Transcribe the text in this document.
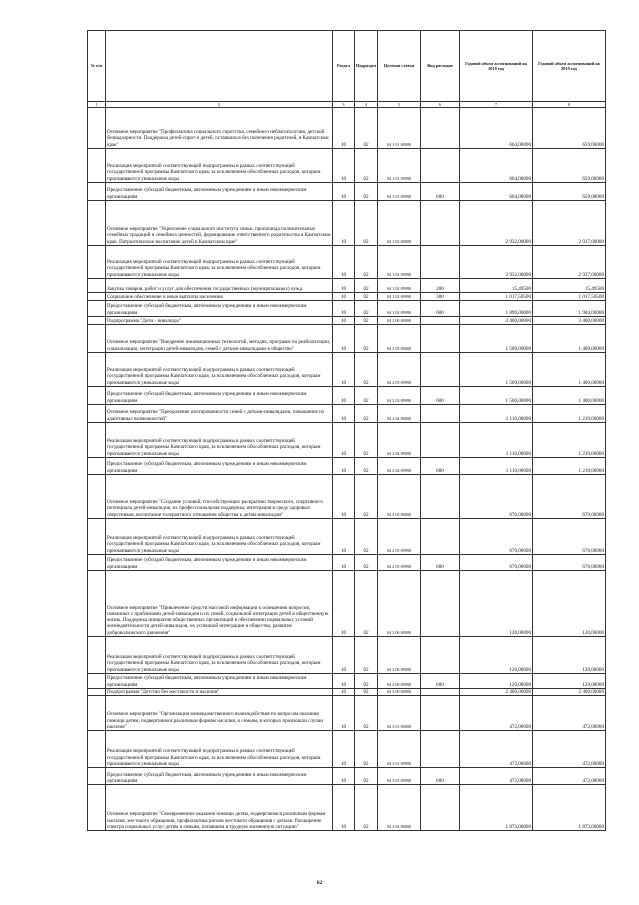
№ п/п		Раздел	Подраздел	Целевая статья	Вид расходов	Годовой объем ассигнований на 2018 год	Годовой объем ассигнований на 2019 год
1	2	3	4	5	6	7	8
	Основное мероприятие "Профилактика социального сиротства, семейного неблагополучия, детской безнадзорности. Поддержка детей-сирот и детей, оставшихся без попечения родителей, в Камчатском крае"	10	02	04 1 01 00000		664,00000	659,00000
	Реализация мероприятий соответствующей подпрограммы в рамках соответствующей государственной программы Камчатского края, за исключением обособленных расходов, которым присваиваются уникальные коды	10	02	04 1 01 09990		664,00000	659,00000
	Предоставление субсидий бюджетным, автономным учреждениям и иным некоммерческим организациям	10	02	04 1 01 09990	600	664,00000	659,00000
	Основное мероприятие "Укрепление социального института семьи, пропаганда положительных семейных традиций и семейных ценностей, формирование ответственного родительства в Камчатском крае. Патриотическое воспитание детей в Камчатском крае"	10	02	04 1 02 00000		2 932,00000	2 937,00000
	Реализация мероприятий соответствующей подпрограммы в рамках соответствующей государственной программы Камчатского края, за исключением обособленных расходов, которым присваиваются уникальные коды	10	02	04 1 02 09990		2 932,00000	2 937,00000
	Закупка товаров, работ и услуг для обеспечения государственных (муниципальных) нужд	10	02	04 1 02 09990	200	15,49500	15,49500
	Социальное обеспечение и иные выплаты населению	10	02	04 1 02 09990	300	1 017,50500	1 017,50500
	Предоставление субсидий бюджетным, автономным учреждениям и иным некоммерческим организациям	10	02	04 1 02 09990	600	1 899,00000	1 904,00000
	Подпрограмма "Дети - инвалиды"	10	02	04 2 00 00000		3 400,00000	3 400,00000
	Основное мероприятие "Внедрение инновационных технологий, методик, программ по реабилитации, социализации, интеграции детей-инвалидов, семей с детьми-инвалидами в общество"	10	02	04 2 03 00000		1 500,00000	1 400,00000
	Реализация мероприятий соответствующей подпрограммы в рамках соответствующей государственной программы Камчатского края, за исключением обособленных расходов, которым присваиваются уникальные коды	10	02	04 2 03 09990		1 500,00000	1 400,00000
	Предоставление субсидий бюджетным, автономным учреждениям и иным некоммерческим организациям	10	02	04 2 03 09990	600	1 500,00000	1 400,00000
	Основное мероприятие "Преодоление изолированности семей с детьми-инвалидами, повышение их адаптивных возможностей"	10	02	04 2 04 00000		1 110,00000	1 210,00000
	Реализация мероприятий соответствующей подпрограммы в рамках соответствующей государственной программы Камчатского края, за исключением обособленных расходов, которым присваиваются уникальные коды	10	02	04 2 04 09990		1 110,00000	1 210,00000
	Предоставление субсидий бюджетным, автономным учреждениям и иным некоммерческим организациям	10	02	04 2 04 09990	600	1 110,00000	1 210,00000
	Основное мероприятие "Создание условий, способствующих раскрытию творческого, спортивного потенциала детей-инвалидов, их профессиональная поддержка, интеграция в среду здоровых сверстников, воспитание толерантного отношения общества к детям-инвалидам"	10	02	04 2 05 00000		670,00000	670,00000
	Реализация мероприятий соответствующей подпрограммы в рамках соответствующей государственной программы Камчатского края, за исключением обособленных расходов, которым присваиваются уникальные коды	10	02	04 2 05 09990		670,00000	670,00000
	Предоставление субсидий бюджетным, автономным учреждениям и иным некоммерческим организациям	10	02	04 2 05 09990	600	670,00000	670,00000
	Основное мероприятие "Привлечение средств массовой информации к освещению вопросов, связанных с проблемами детей-инвалидов и их семей, социальной интеграции детей в общественную жизнь. Поддержка инициатив общественных организаций в обеспечении нормальных условий жизнедеятельности детей-инвалидов, их успешной интеграции в общество, развитие добровольческого движения"	10	02	04 2 06 00000		120,00000	120,00000
	Реализация мероприятий соответствующей подпрограммы в рамках соответствующей государственной программы Камчатского края, за исключением обособленных расходов, которым присваиваются уникальные коды	10	02	04 2 06 09990		120,00000	120,00000
	Предоставление субсидий бюджетным, автономным учреждениям и иным некоммерческим организациям	10	02	04 2 06 09990	600	120,00000	120,00000
	Подпрограмма "Детство без жестокости и насилия"	10	02	04 3 00 00000		2 400,00000	2 400,00000
	Основное мероприятие "Организация межведомственного взаимодействия по вопросам оказания помощи детям, подвергшимся различным формам насилия, и семьям, в которых произошли случаи насилия"	10	02	04 3 01 00000		472,00000	472,00000
	Реализация мероприятий соответствующей подпрограммы в рамках соответствующей государственной программы Камчатского края, за исключением обособленных расходов, которым присваиваются уникальные коды	10	02	04 3 01 09990		472,00000	472,00000
	Предоставление субсидий бюджетным, автономным учреждениям и иным некоммерческим организациям	10	02	04 3 01 09990	600	472,00000	472,00000
	Основное мероприятие "Своевременное оказание помощи детям, подвергшимся различным формам насилия, жестокого обращения, профилактика рисков жестокого обращения с детьми. Расширение спектра социальных услуг детям и семьям, попавшим в трудную жизненную ситуацию"	10	02	04 3 02 00000		1 873,00000	1 873,00000
62
